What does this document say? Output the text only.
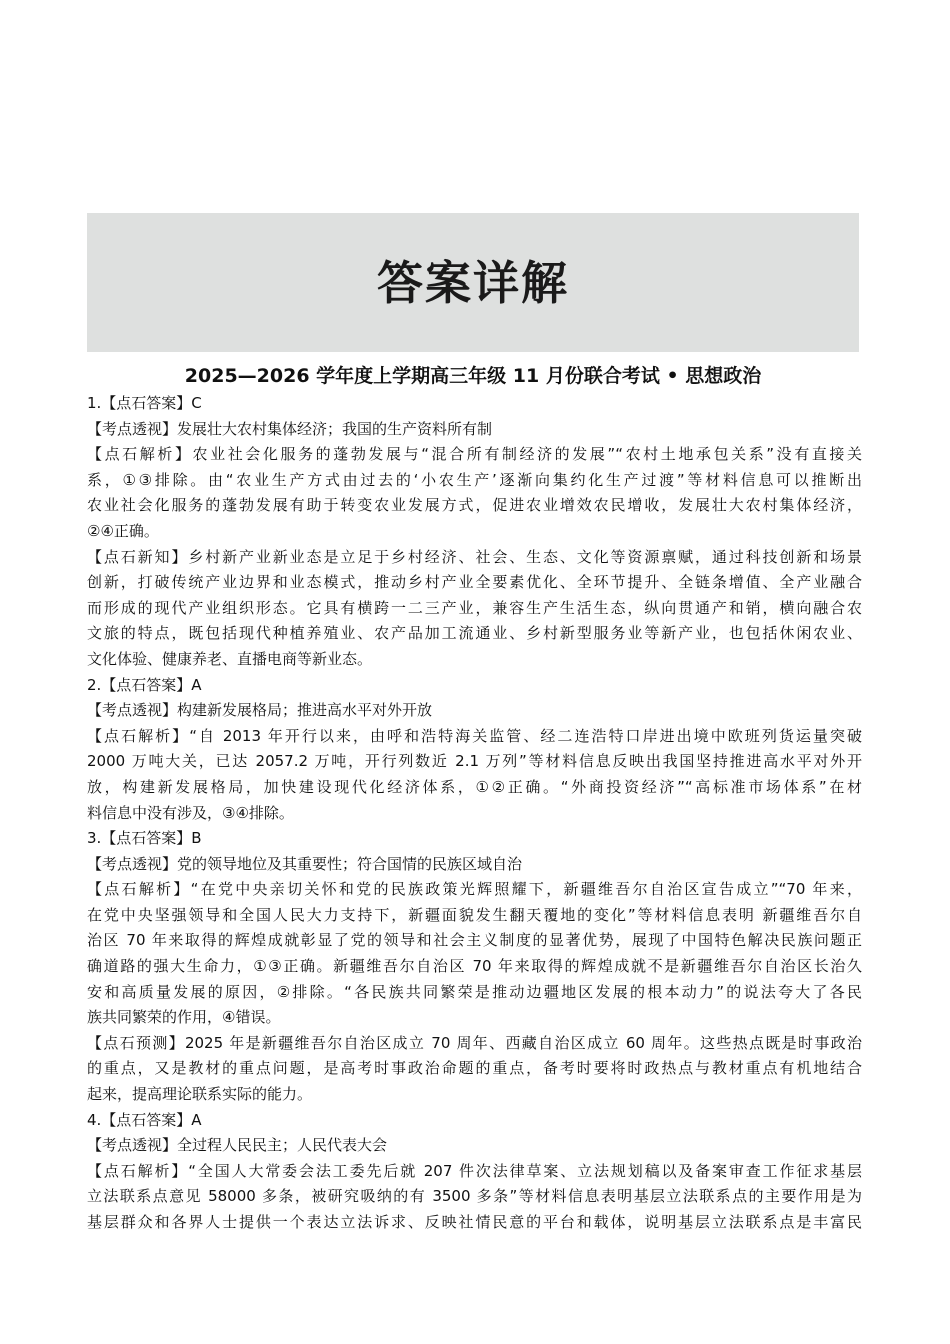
答案详解
2025—2026 学年度上学期高三年级 11 月份联合考试 • 思想政治
1.【点石答案】C
【考点透视】发展壮大农村集体经济；我国的生产资料所有制
【点石解析】农业社会化服务的蓬勃发展与“混合所有制经济的发展”“农村土地承包关系”没有直接关
系，①③排除。由“农业生产方式由过去的‘小农生产’逐渐向集约化生产过渡”等材料信息可以推断出
农业社会化服务的蓬勃发展有助于转变农业发展方式，促进农业增效农民增收，发展壮大农村集体经济，
②④正确。
【点石新知】乡村新产业新业态是立足于乡村经济、社会、生态、文化等资源禀赋，通过科技创新和场景
创新，打破传统产业边界和业态模式，推动乡村产业全要素优化、全环节提升、全链条增值、全产业融合
而形成的现代产业组织形态。它具有横跨一二三产业，兼容生产生活生态，纵向贯通产和销，横向融合农
文旅的特点，既包括现代种植养殖业、农产品加工流通业、乡村新型服务业等新产业，也包括休闲农业、
文化体验、健康养老、直播电商等新业态。
2.【点石答案】A
【考点透视】构建新发展格局；推进高水平对外开放
【点石解析】“自 2013 年开行以来，由呼和浩特海关监管、经二连浩特口岸进出境中欧班列货运量突破
2000 万吨大关，已达 2057.2 万吨，开行列数近 2.1 万列”等材料信息反映出我国坚持推进高水平对外开
放，构建新发展格局，加快建设现代化经济体系，①②正确。“外商投资经济”“高标准市场体系”在材
料信息中没有涉及，③④排除。
3.【点石答案】B
【考点透视】党的领导地位及其重要性；符合国情的民族区域自治
【点石解析】“在党中央亲切关怀和党的民族政策光辉照耀下，新疆维吾尔自治区宣告成立”“70 年来，
在党中央坚强领导和全国人民大力支持下，新疆面貌发生翻天覆地的变化”等材料信息表明 新疆维吾尔自
治区 70 年来取得的辉煌成就彰显了党的领导和社会主义制度的显著优势，展现了中国特色解决民族问题正
确道路的强大生命力，①③正确。新疆维吾尔自治区 70 年来取得的辉煌成就不是新疆维吾尔自治区长治久
安和高质量发展的原因，②排除。“各民族共同繁荣是推动边疆地区发展的根本动力”的说法夸大了各民
族共同繁荣的作用，④错误。
【点石预测】2025 年是新疆维吾尔自治区成立 70 周年、西藏自治区成立 60 周年。这些热点既是时事政治
的重点，又是教材的重点问题，是高考时事政治命题的重点，备考时要将时政热点与教材重点有机地结合
起来，提高理论联系实际的能力。
4.【点石答案】A
【考点透视】全过程人民民主；人民代表大会
【点石解析】“全国人大常委会法工委先后就 207 件次法律草案、立法规划稿以及备案审查工作征求基层
立法联系点意见 58000 多条，被研究吸纳的有 3500 多条”等材料信息表明基层立法联系点的主要作用是为
基层群众和各界人士提供一个表达立法诉求、反映社情民意的平台和载体，说明基层立法联系点是丰富民
